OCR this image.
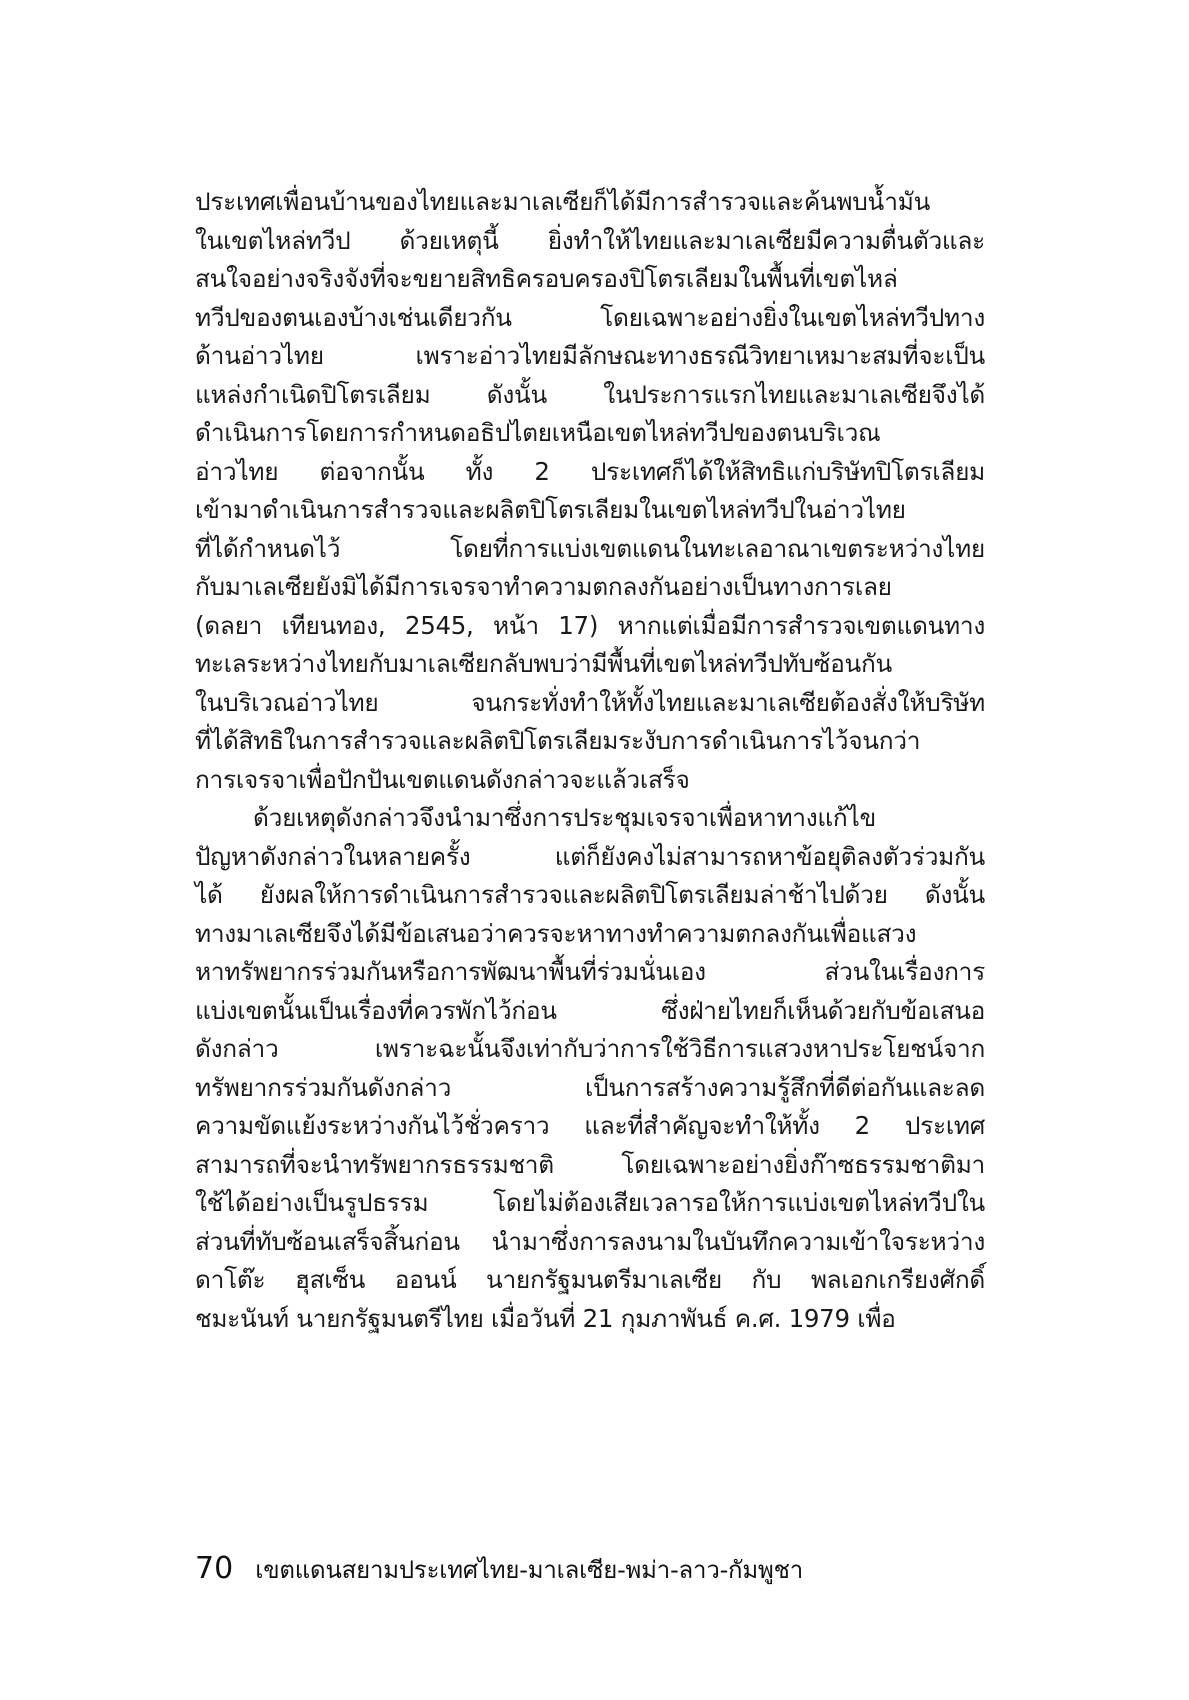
ประเทศเพื่อนบ้านของไทยและมาเลเซียก็ได้มีการสำรวจและค้นพบน้ำมัน
ในเขตไหล่ทวีป ด้วยเหตุนี้ ยิ่งทำให้ไทยและมาเลเซียมีความตื่นตัวและ
สนใจอย่างจริงจังที่จะขยายสิทธิครอบครองปิโตรเลียมในพื้นที่เขตไหล่
ทวีปของตนเองบ้างเช่นเดียวกัน โดยเฉพาะอย่างยิ่งในเขตไหล่ทวีปทาง
ด้านอ่าวไทย เพราะอ่าวไทยมีลักษณะทางธรณีวิทยาเหมาะสมที่จะเป็น
แหล่งกำเนิดปิโตรเลียม ดังนั้น ในประการแรกไทยและมาเลเซียจึงได้
ดำเนินการโดยการกำหนดอธิปไตยเหนือเขตไหล่ทวีปของตนบริเวณ
อ่าวไทย ต่อจากนั้น ทั้ง 2 ประเทศก็ได้ให้สิทธิแก่บริษัทปิโตรเลียม
เข้ามาดำเนินการสำรวจและผลิตปิโตรเลียมในเขตไหล่ทวีปในอ่าวไทย
ที่ได้กำหนดไว้ โดยที่การแบ่งเขตแดนในทะเลอาณาเขตระหว่างไทย
กับมาเลเซียยังมิได้มีการเจรจาทำความตกลงกันอย่างเป็นทางการเลย
(ดลยา เทียนทอง, 2545, หน้า 17) หากแต่เมื่อมีการสำรวจเขตแดนทาง
ทะเลระหว่างไทยกับมาเลเซียกลับพบว่ามีพื้นที่เขตไหล่ทวีปทับซ้อนกัน
ในบริเวณอ่าวไทย จนกระทั่งทำให้ทั้งไทยและมาเลเซียต้องสั่งให้บริษัท
ที่ได้สิทธิในการสำรวจและผลิตปิโตรเลียมระงับการดำเนินการไว้จนกว่า
การเจรจาเพื่อปักปันเขตแดนดังกล่าวจะแล้วเสร็จ
ด้วยเหตุดังกล่าวจึงนำมาซึ่งการประชุมเจรจาเพื่อหาทางแก้ไข
ปัญหาดังกล่าวในหลายครั้ง แต่ก็ยังคงไม่สามารถหาข้อยุติลงตัวร่วมกัน
ได้ ยังผลให้การดำเนินการสำรวจและผลิตปิโตรเลียมล่าช้าไปด้วย ดังนั้น
ทางมาเลเซียจึงได้มีข้อเสนอว่าควรจะหาทางทำความตกลงกันเพื่อแสวง
หาทรัพยากรร่วมกันหรือการพัฒนาพื้นที่ร่วมนั่นเอง ส่วนในเรื่องการ
แบ่งเขตนั้นเป็นเรื่องที่ควรพักไว้ก่อน ซึ่งฝ่ายไทยก็เห็นด้วยกับข้อเสนอ
ดังกล่าว เพราะฉะนั้นจึงเท่ากับว่าการใช้วิธีการแสวงหาประโยชน์จาก
ทรัพยากรร่วมกันดังกล่าว เป็นการสร้างความรู้สึกที่ดีต่อกันและลด
ความขัดแย้งระหว่างกันไว้ชั่วคราว และที่สำคัญจะทำให้ทั้ง 2 ประเทศ
สามารถที่จะนำทรัพยากรธรรมชาติ โดยเฉพาะอย่างยิ่งก๊าซธรรมชาติมา
ใช้ได้อย่างเป็นรูปธรรม โดยไม่ต้องเสียเวลารอให้การแบ่งเขตไหล่ทวีปใน
ส่วนที่ทับซ้อนเสร็จสิ้นก่อน นำมาซึ่งการลงนามในบันทึกความเข้าใจระหว่าง
ดาโต๊ะ ฮุสเซ็น ออนน์ นายกรัฐมนตรีมาเลเซีย กับ พลเอกเกรียงศักดิ์
ชมะนันท์ นายกรัฐมนตรีไทย เมื่อวันที่ 21 กุมภาพันธ์ ค.ศ. 1979 เพื่อ
70 เขตแดนสยามประเทศไทย-มาเลเซีย-พม่า-ลาว-กัมพูชา
